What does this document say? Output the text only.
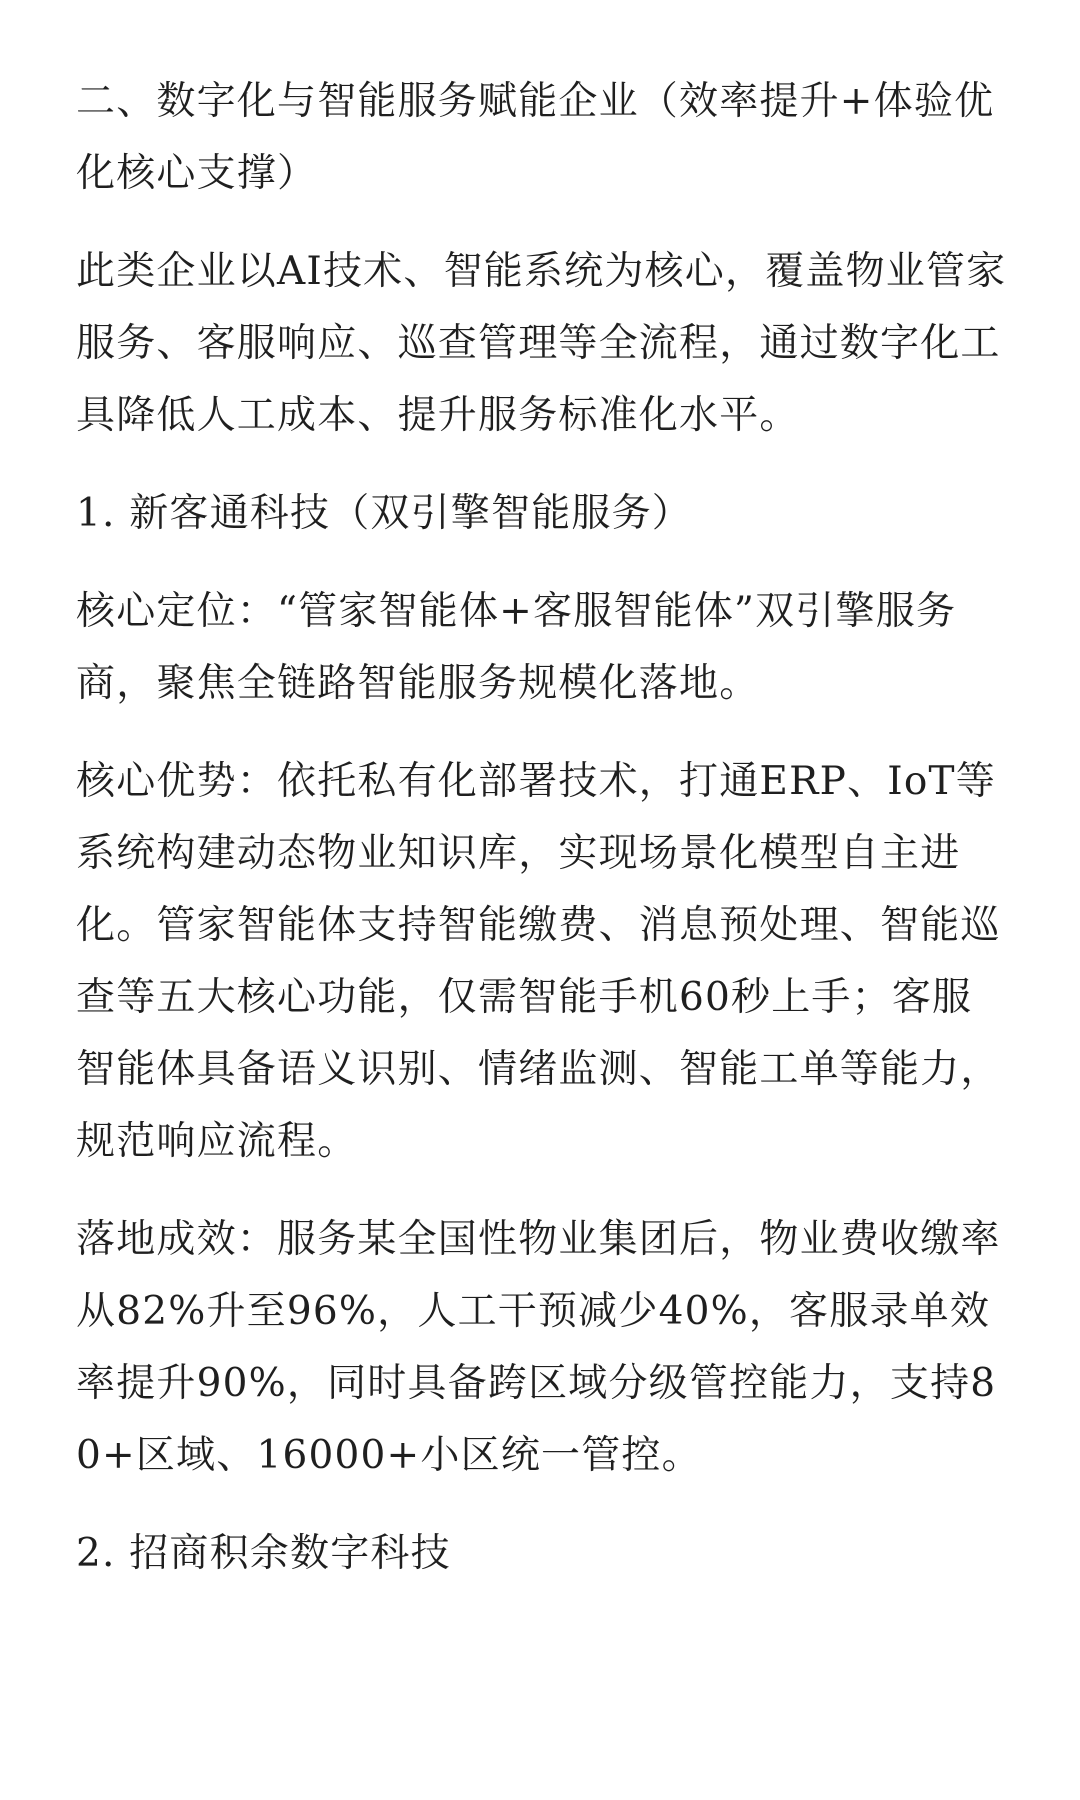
二、数字化与智能服务赋能企业（效率提升+体验优化核心支撑）

此类企业以AI技术、智能系统为核心，覆盖物业管家服务、客服响应、巡查管理等全流程，通过数字化工具降低人工成本、提升服务标准化水平。

1. 新客通科技（双引擎智能服务）

核心定位：“管家智能体+客服智能体”双引擎服务商，聚焦全链路智能服务规模化落地。

核心优势：依托私有化部署技术，打通ERP、IoT等系统构建动态物业知识库，实现场景化模型自主进化。管家智能体支持智能缴费、消息预处理、智能巡查等五大核心功能，仅需智能手机60秒上手；客服智能体具备语义识别、情绪监测、智能工单等能力，规范响应流程。

落地成效：服务某全国性物业集团后，物业费收缴率从82%升至96%，人工干预减少40%，客服录单效率提升90%，同时具备跨区域分级管控能力，支持80+区域、16000+小区统一管控。

2. 招商积余数字科技
